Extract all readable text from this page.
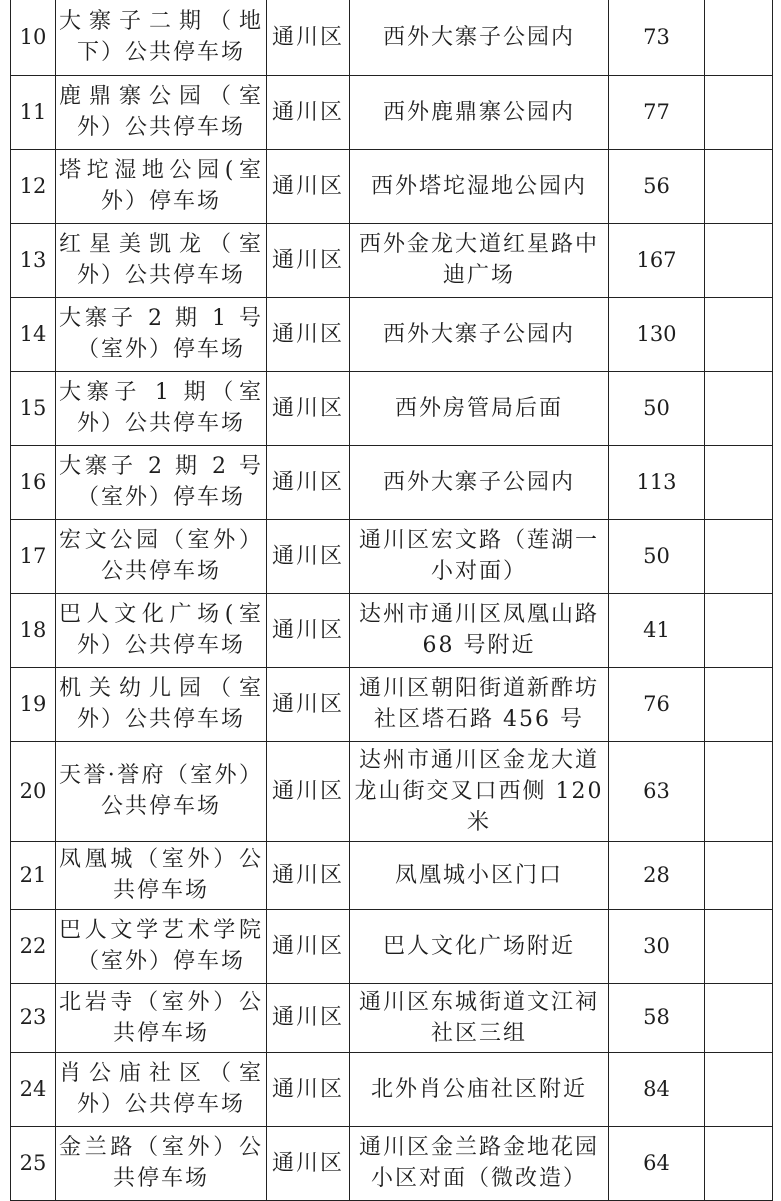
10	大寨子二期（地下）公共停车场	通川区	西外大寨子公园内	73	
11	鹿鼎寨公园（室外）公共停车场	通川区	西外鹿鼎寨公园内	77	
12	塔坨湿地公园(室外）停车场	通川区	西外塔坨湿地公园内	56	
13	红星美凯龙（室外）公共停车场	通川区	西外金龙大道红星路中迪广场	167	
14	大寨子 2 期 1 号（室外）停车场	通川区	西外大寨子公园内	130	
15	大寨子 1 期（室外）公共停车场	通川区	西外房管局后面	50	
16	大寨子 2 期 2 号（室外）停车场	通川区	西外大寨子公园内	113	
17	宏文公园（室外）公共停车场	通川区	通川区宏文路（莲湖一小对面）	50	
18	巴人文化广场(室外）公共停车场	通川区	达州市通川区凤凰山路 68 号附近	41	
19	机关幼儿园（室外）公共停车场	通川区	通川区朝阳街道新酢坊社区塔石路 456 号	76	
20	天誉·誉府（室外）公共停车场	通川区	达州市通川区金龙大道龙山街交叉口西侧 120 米	63	
21	凤凰城（室外）公共停车场	通川区	凤凰城小区门口	28	
22	巴人文学艺术学院（室外）停车场	通川区	巴人文化广场附近	30	
23	北岩寺（室外）公共停车场	通川区	通川区东城街道文江祠社区三组	58	
24	肖公庙社区（室外）公共停车场	通川区	北外肖公庙社区附近	84	
25	金兰路（室外）公共停车场	通川区	通川区金兰路金地花园小区对面（微改造）	64	
